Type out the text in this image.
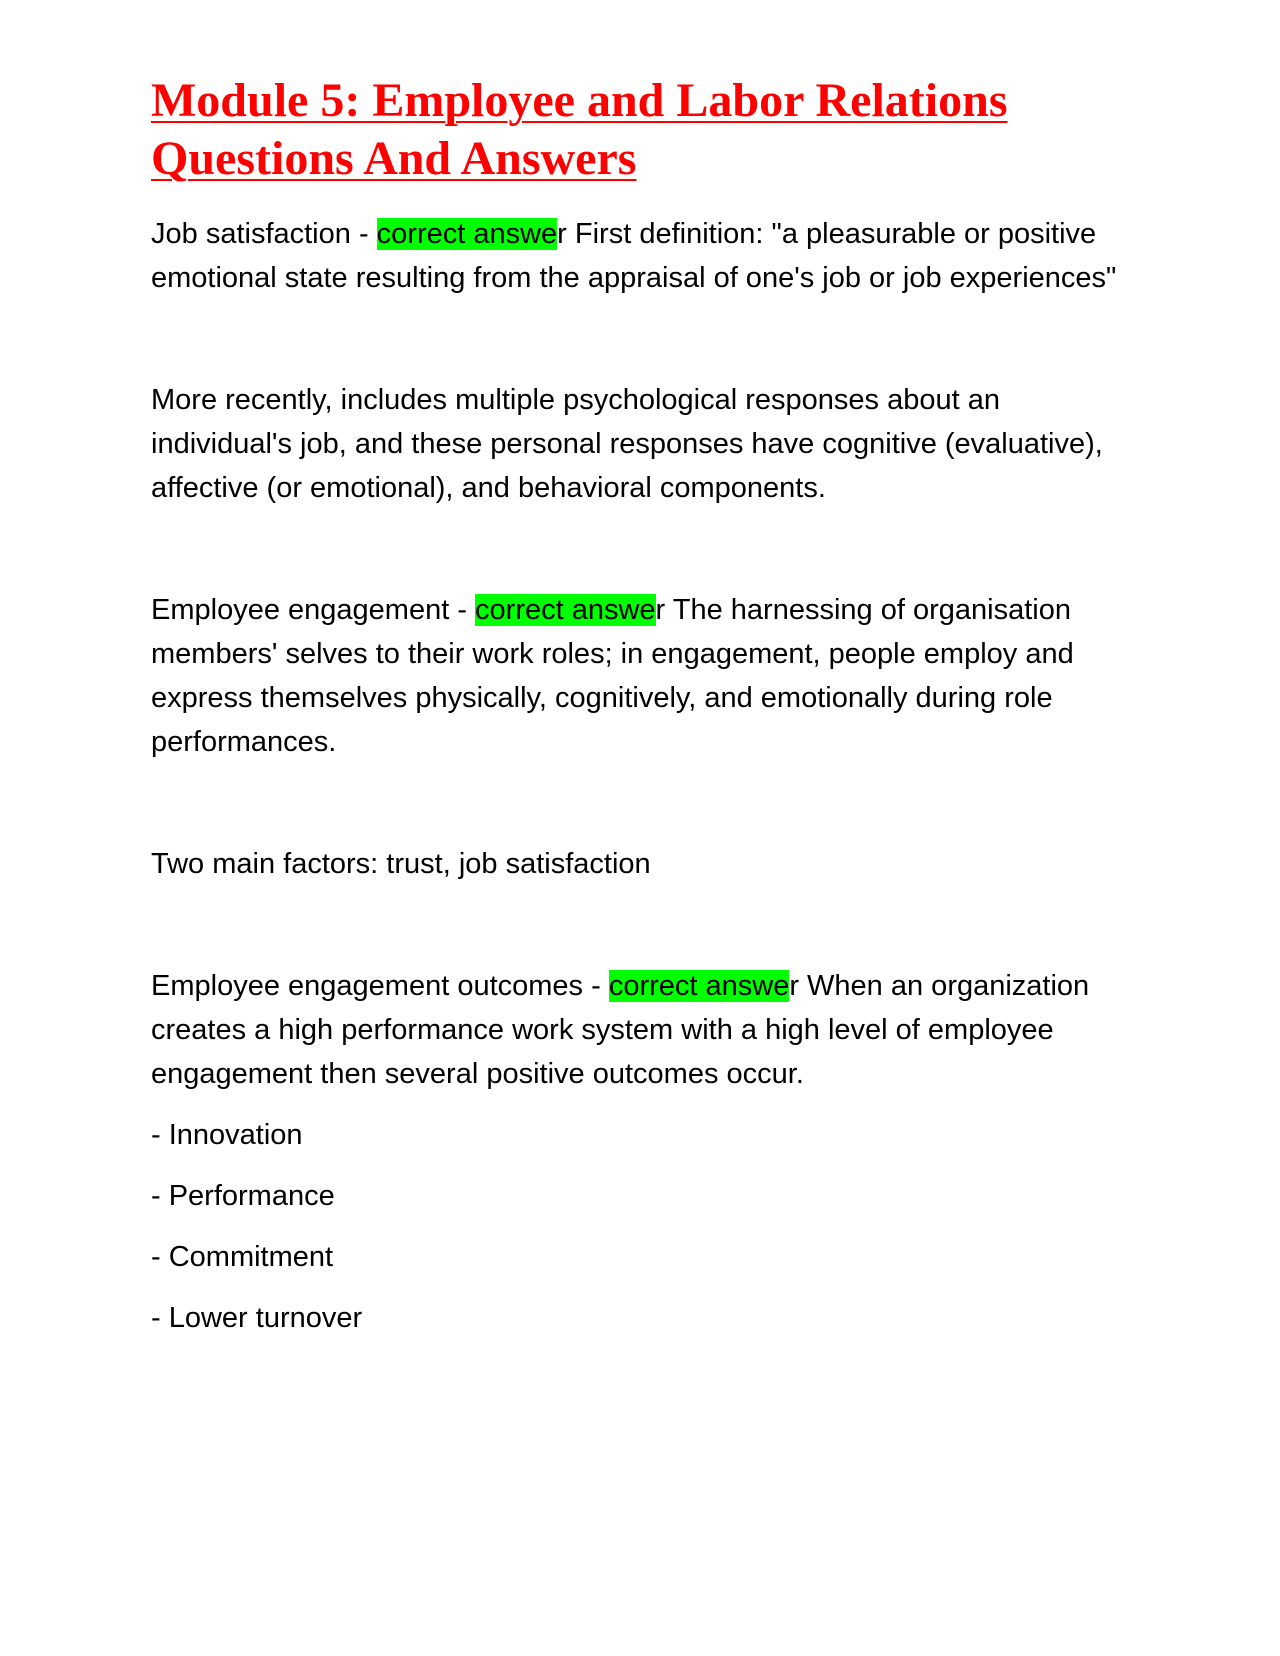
Module 5: Employee and Labor Relations
Questions And Answers

Job satisfaction - correct answer First definition: "a pleasurable or positive emotional state resulting from the appraisal of one's job or job experiences"

More recently, includes multiple psychological responses about an individual's job, and these personal responses have cognitive (evaluative), affective (or emotional), and behavioral components.

Employee engagement - correct answer The harnessing of organisation members' selves to their work roles; in engagement, people employ and express themselves physically, cognitively, and emotionally during role performances.

Two main factors: trust, job satisfaction

Employee engagement outcomes - correct answer When an organization creates a high performance work system with a high level of employee engagement then several positive outcomes occur.

- Innovation

- Performance

- Commitment

- Lower turnover
